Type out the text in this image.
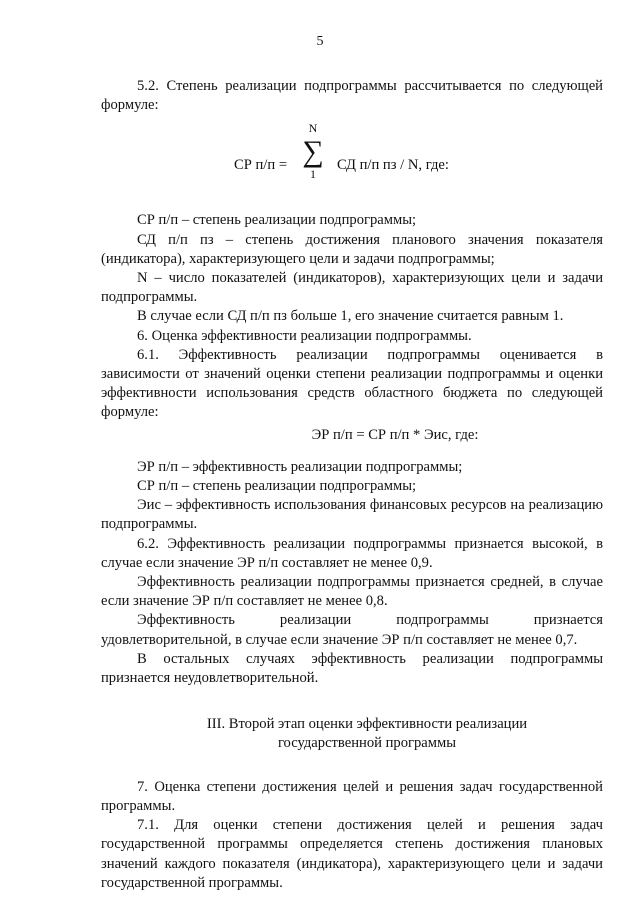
5

5.2. Степень реализации подпрограммы рассчитывается по следующей формуле:

СР п/п =
N
∑
1
СД п/п пз / N, где:

СР п/п – степень реализации подпрограммы;

СД п/п пз – степень достижения планового значения показателя (индикатора), характеризующего цели и задачи подпрограммы;

N – число показателей (индикаторов), характеризующих цели и задачи подпрограммы.

В случае если СД п/п пз больше 1, его значение считается равным 1.

6. Оценка эффективности реализации подпрограммы.

6.1. Эффективность реализации подпрограммы оценивается в зависимости от значений оценки степени реализации подпрограммы и оценки эффективности использования средств областного бюджета по следующей формуле:

ЭР п/п = СР п/п * Эис, где:

ЭР п/п – эффективность реализации подпрограммы;

СР п/п – степень реализации подпрограммы;

Эис – эффективность использования финансовых ресурсов на реализацию подпрограммы.

6.2. Эффективность реализации подпрограммы признается высокой, в случае если значение ЭР п/п составляет не менее 0,9.

Эффективность реализации подпрограммы признается средней, в случае если значение ЭР п/п составляет не менее 0,8.

Эффективность реализации подпрограммы признается удовлетворительной, в случае если значение ЭР п/п составляет не менее 0,7.

В остальных случаях эффективность реализации подпрограммы признается неудовлетворительной.

III. Второй этап оценки эффективности реализации
государственной программы

7. Оценка степени достижения целей и решения задач государственной программы.

7.1. Для оценки степени достижения целей и решения задач государственной программы определяется степень достижения плановых значений каждого показателя (индикатора), характеризующего цели и задачи государственной программы.
